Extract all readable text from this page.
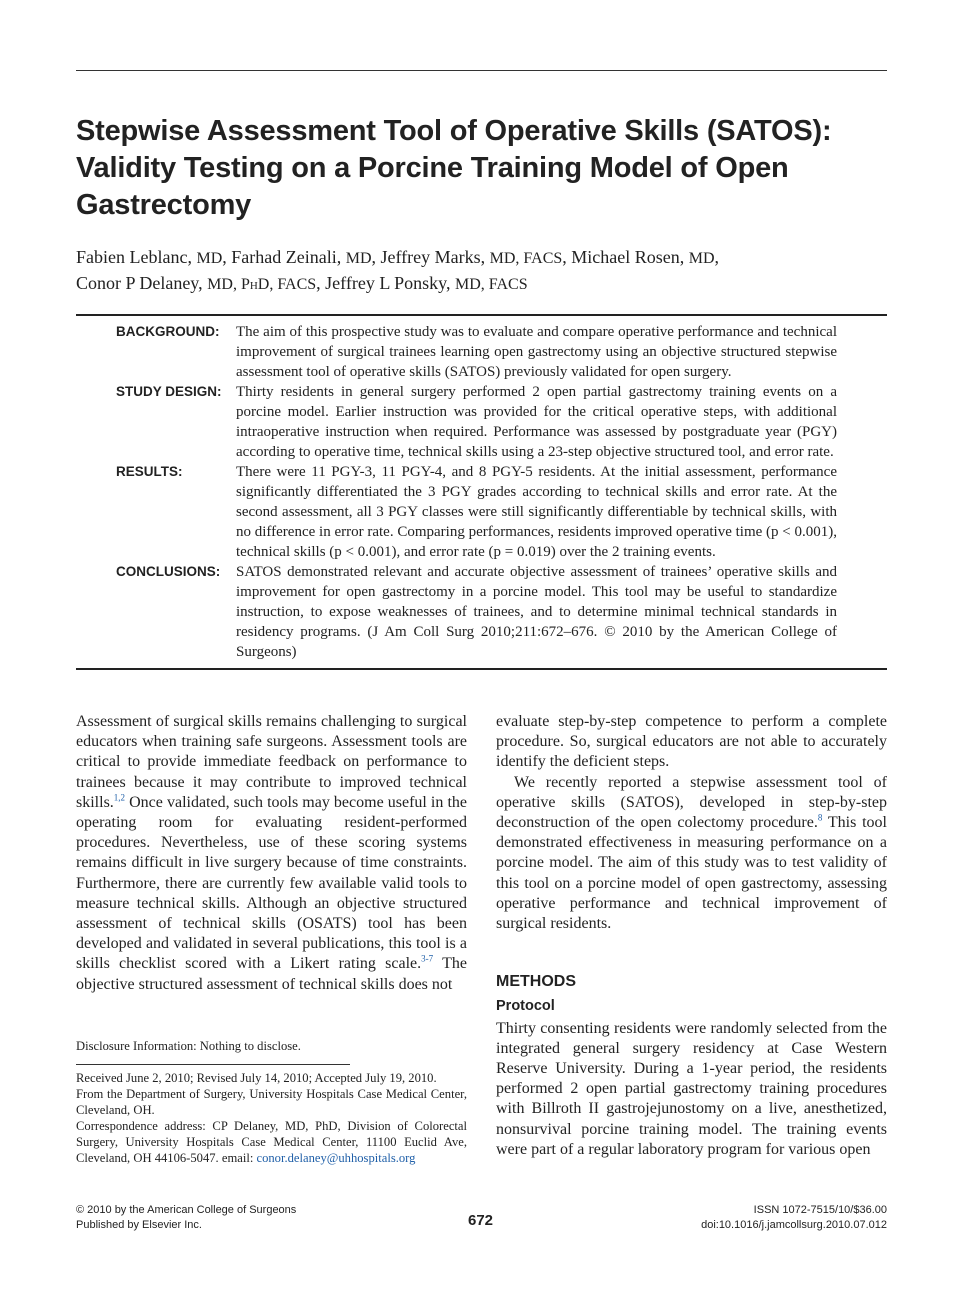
Stepwise Assessment Tool of Operative Skills (SATOS): Validity Testing on a Porcine Training Model of Open Gastrectomy
Fabien Leblanc, MD, Farhad Zeinali, MD, Jeffrey Marks, MD, FACS, Michael Rosen, MD,
Conor P Delaney, MD, PhD, FACS, Jeffrey L Ponsky, MD, FACS
BACKGROUND:	The aim of this prospective study was to evaluate and compare operative performance and technical improvement of surgical trainees learning open gastrectomy using an objective structured stepwise assessment tool of operative skills (SATOS) previously validated for open surgery.
STUDY DESIGN: Thirty residents in general surgery performed 2 open partial gastrectomy training events on a porcine model. Earlier instruction was provided for the critical operative steps, with additional intraoperative instruction when required. Performance was assessed by postgraduate year (PGY) according to operative time, technical skills using a 23-step objective structured tool, and error rate.
RESULTS:	There were 11 PGY-3, 11 PGY-4, and 8 PGY-5 residents. At the initial assessment, performance significantly differentiated the 3 PGY grades according to technical skills and error rate. At the second assessment, all 3 PGY classes were still significantly differentiable by technical skills, with no difference in error rate. Comparing performances, residents improved operative time (p < 0.001), technical skills (p < 0.001), and error rate (p = 0.019) over the 2 training events.
CONCLUSIONS:	SATOS demonstrated relevant and accurate objective assessment of trainees’ operative skills and improvement for open gastrectomy in a porcine model. This tool may be useful to standardize instruction, to expose weaknesses of trainees, and to determine minimal technical standards in residency programs. (J Am Coll Surg 2010;211:672–676. © 2010 by the American College of Surgeons)

Assessment of surgical skills remains challenging to surgical educators when training safe surgeons. Assessment tools are critical to provide immediate feedback on performance to trainees because it may contribute to improved technical skills.$^{1,2}$ Once validated, such tools may become useful in the operating room for evaluating resident-performed procedures. Nevertheless, use of these scoring systems remains difficult in live surgery because of time constraints. Furthermore, there are currently few available valid tools to measure technical skills. Although an objective structured assessment of technical skills (OSATS) tool has been developed and validated in several publications, this tool is a skills checklist scored with a Likert rating scale.$^{3-7}$ The objective structured assessment of technical skills does not

Disclosure Information: Nothing to disclose.

Received June 2, 2010; Revised July 14, 2010; Accepted July 19, 2010.

From the Department of Surgery, University Hospitals Case Medical Center, Cleveland, OH.

Correspondence address: CP Delaney, MD, PhD, Division of Colorectal Surgery, University Hospitals Case Medical Center, 11100 Euclid Ave, Cleveland, OH 44106-5047. email: conor.delaney@uhhospitals.org

evaluate step-by-step competence to perform a complete procedure. So, surgical educators are not able to accurately identify the deficient steps.

We recently reported a stepwise assessment tool of operative skills (SATOS), developed in step-by-step deconstruction of the open colectomy procedure.$^8$ This tool demonstrated effectiveness in measuring performance on a porcine model. The aim of this study was to test validity of this tool on a porcine model of open gastrectomy, assessing operative performance and technical improvement of surgical residents.

METHODS

Protocol

Thirty consenting residents were randomly selected from the integrated general surgery residency at Case Western Reserve University. During a 1-year period, the residents performed 2 open partial gastrectomy training procedures with Billroth II gastrojejunostomy on a live, anesthetized, nonsurvival porcine training model. The training events were part of a regular laboratory program for various open

© 2010 by the American College of Surgeons
Published by Elsevier Inc.	672
ISSN 1072-7515/10/$36.00
doi:10.1016/j.jamcollsurg.2010.07.012
